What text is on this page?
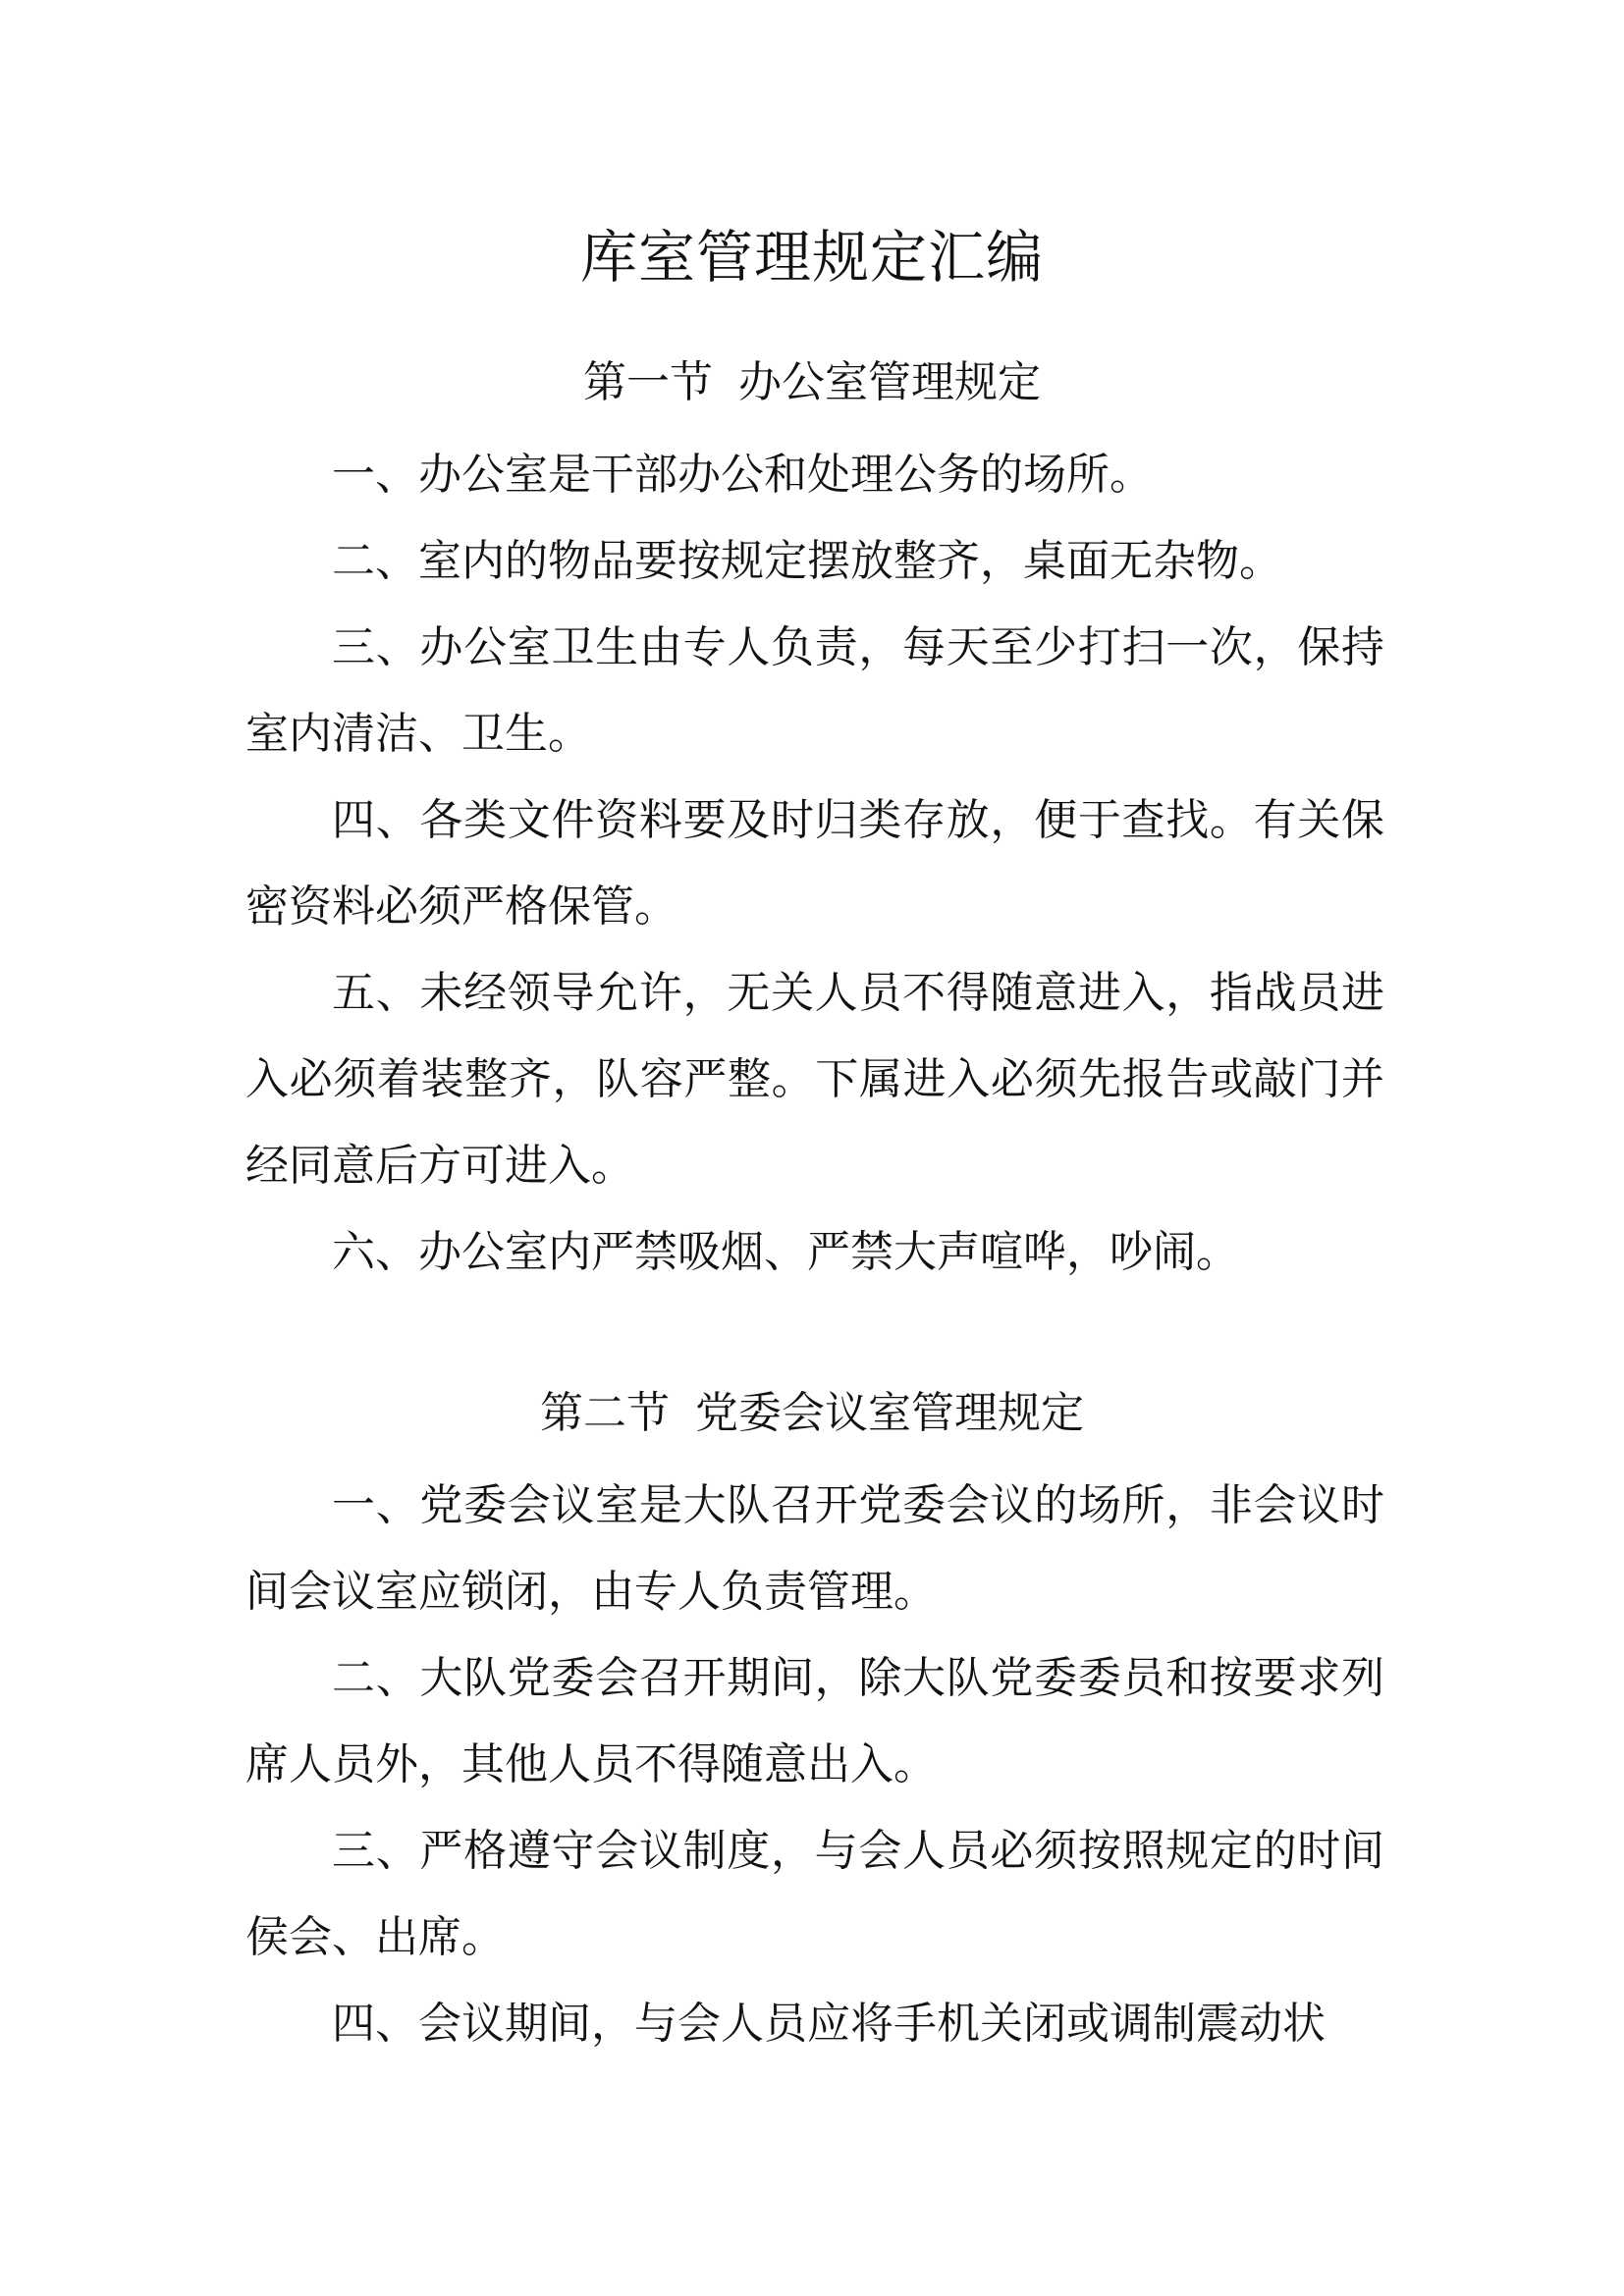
库室管理规定汇编
第一节 办公室管理规定

一、办公室是干部办公和处理公务的场所。

二、室内的物品要按规定摆放整齐，桌面无杂物。

三、办公室卫生由专人负责，每天至少打扫一次，保持室内清洁、卫生。

四、各类文件资料要及时归类存放，便于查找。有关保密资料必须严格保管。

五、未经领导允许，无关人员不得随意进入，指战员进入必须着装整齐，队容严整。下属进入必须先报告或敲门并经同意后方可进入。

六、办公室内严禁吸烟、严禁大声喧哗，吵闹。

第二节 党委会议室管理规定

一、党委会议室是大队召开党委会议的场所，非会议时间会议室应锁闭，由专人负责管理。

二、大队党委会召开期间，除大队党委委员和按要求列席人员外，其他人员不得随意出入。

三、严格遵守会议制度，与会人员必须按照规定的时间侯会、出席。

四、会议期间，与会人员应将手机关闭或调制震动状
